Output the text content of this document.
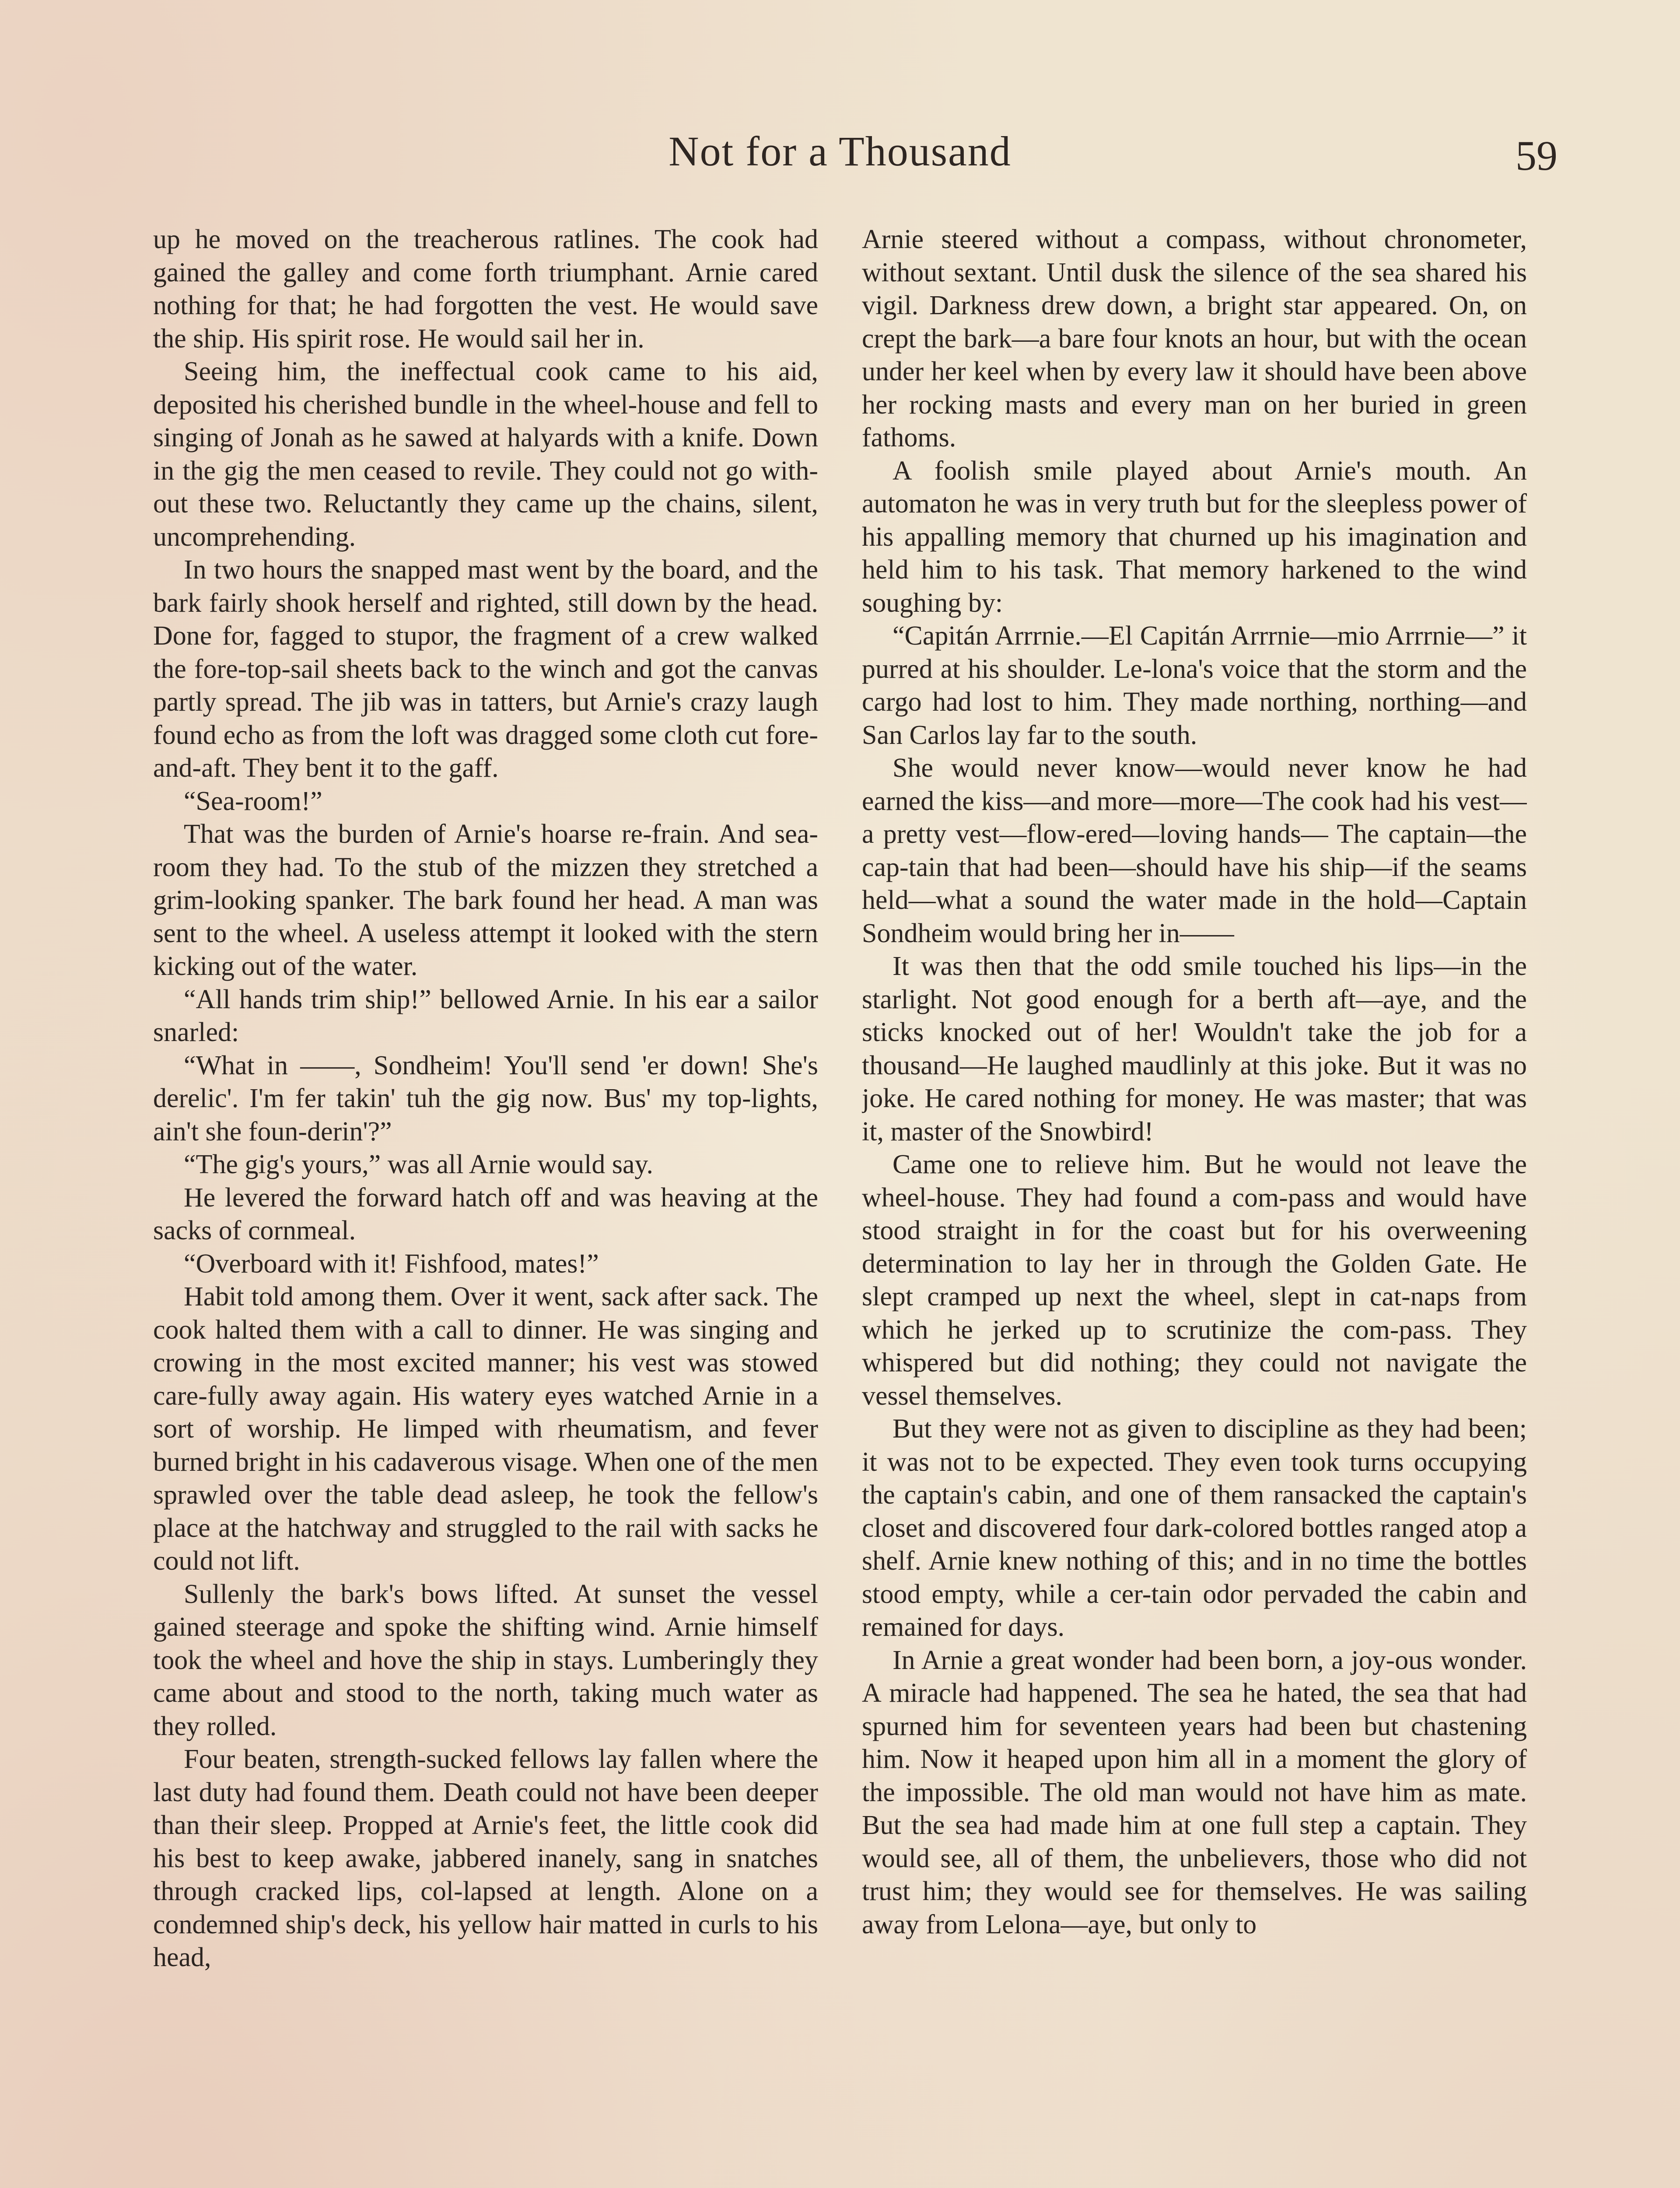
Not for a Thousand	59

up he moved on the treacherous ratlines. The cook had gained the galley and come forth triumphant. Arnie cared nothing for that; he had forgotten the vest. He would save the ship. His spirit rose. He would sail her in.

Seeing him, the ineffectual cook came to his aid, deposited his cherished bundle in the wheel-house and fell to singing of Jonah as he sawed at halyards with a knife. Down in the gig the men ceased to revile. They could not go with-out these two. Reluctantly they came up the chains, silent, uncomprehending.

In two hours the snapped mast went by the board, and the bark fairly shook herself and righted, still down by the head. Done for, fagged to stupor, the fragment of a crew walked the fore-top-sail sheets back to the winch and got the canvas partly spread. The jib was in tatters, but Arnie's crazy laugh found echo as from the loft was dragged some cloth cut fore-and-aft. They bent it to the gaff.

“Sea-room!”

That was the burden of Arnie's hoarse re-frain. And sea-room they had. To the stub of the mizzen they stretched a grim-looking spanker. The bark found her head. A man was sent to the wheel. A useless attempt it looked with the stern kicking out of the water.

“All hands trim ship!” bellowed Arnie. In his ear a sailor snarled:

“What in ——, Sondheim! You'll send 'er down! She's derelic'. I'm fer takin' tuh the gig now. Bus' my top-lights, ain't she foun-derin'?”

“The gig's yours,” was all Arnie would say.

He levered the forward hatch off and was heaving at the sacks of cornmeal.

“Overboard with it! Fishfood, mates!”

Habit told among them. Over it went, sack after sack. The cook halted them with a call to dinner. He was singing and crowing in the most excited manner; his vest was stowed care-fully away again. His watery eyes watched Arnie in a sort of worship. He limped with rheumatism, and fever burned bright in his cadaverous visage. When one of the men sprawled over the table dead asleep, he took the fellow's place at the hatchway and struggled to the rail with sacks he could not lift.

Sullenly the bark's bows lifted. At sunset the vessel gained steerage and spoke the shifting wind. Arnie himself took the wheel and hove the ship in stays. Lumberingly they came about and stood to the north, taking much water as they rolled.

Four beaten, strength-sucked fellows lay fallen where the last duty had found them. Death could not have been deeper than their sleep. Propped at Arnie's feet, the little cook did his best to keep awake, jabbered inanely, sang in snatches through cracked lips, col-lapsed at length. Alone on a condemned ship's deck, his yellow hair matted in curls to his head,

Arnie steered without a compass, without chronometer, without sextant. Until dusk the silence of the sea shared his vigil. Darkness drew down, a bright star appeared. On, on crept the bark—a bare four knots an hour, but with the ocean under her keel when by every law it should have been above her rocking masts and every man on her buried in green fathoms.

A foolish smile played about Arnie's mouth. An automaton he was in very truth but for the sleepless power of his appalling memory that churned up his imagination and held him to his task. That memory harkened to the wind soughing by:

“Capitán Arrrnie.—El Capitán Arrrnie—mio Arrrnie—” it purred at his shoulder. Le-lona's voice that the storm and the cargo had lost to him. They made northing, northing—and San Carlos lay far to the south.

She would never know—would never know he had earned the kiss—and more—more—The cook had his vest—a pretty vest—flow-ered—loving hands— The captain—the cap-tain that had been—should have his ship—if the seams held—what a sound the water made in the hold—Captain Sondheim would bring her in——

It was then that the odd smile touched his lips—in the starlight. Not good enough for a berth aft—aye, and the sticks knocked out of her! Wouldn't take the job for a thousand—He laughed maudlinly at this joke. But it was no joke. He cared nothing for money. He was master; that was it, master of the Snowbird!

Came one to relieve him. But he would not leave the wheel-house. They had found a com-pass and would have stood straight in for the coast but for his overweening determination to lay her in through the Golden Gate. He slept cramped up next the wheel, slept in cat-naps from which he jerked up to scrutinize the com-pass. They whispered but did nothing; they could not navigate the vessel themselves.

But they were not as given to discipline as they had been; it was not to be expected. They even took turns occupying the captain's cabin, and one of them ransacked the captain's closet and discovered four dark-colored bottles ranged atop a shelf. Arnie knew nothing of this; and in no time the bottles stood empty, while a cer-tain odor pervaded the cabin and remained for days.

In Arnie a great wonder had been born, a joy-ous wonder. A miracle had happened. The sea he hated, the sea that had spurned him for seventeen years had been but chastening him. Now it heaped upon him all in a moment the glory of the impossible. The old man would not have him as mate. But the sea had made him at one full step a captain. They would see, all of them, the unbelievers, those who did not trust him; they would see for themselves. He was sailing away from Lelona—aye, but only to
